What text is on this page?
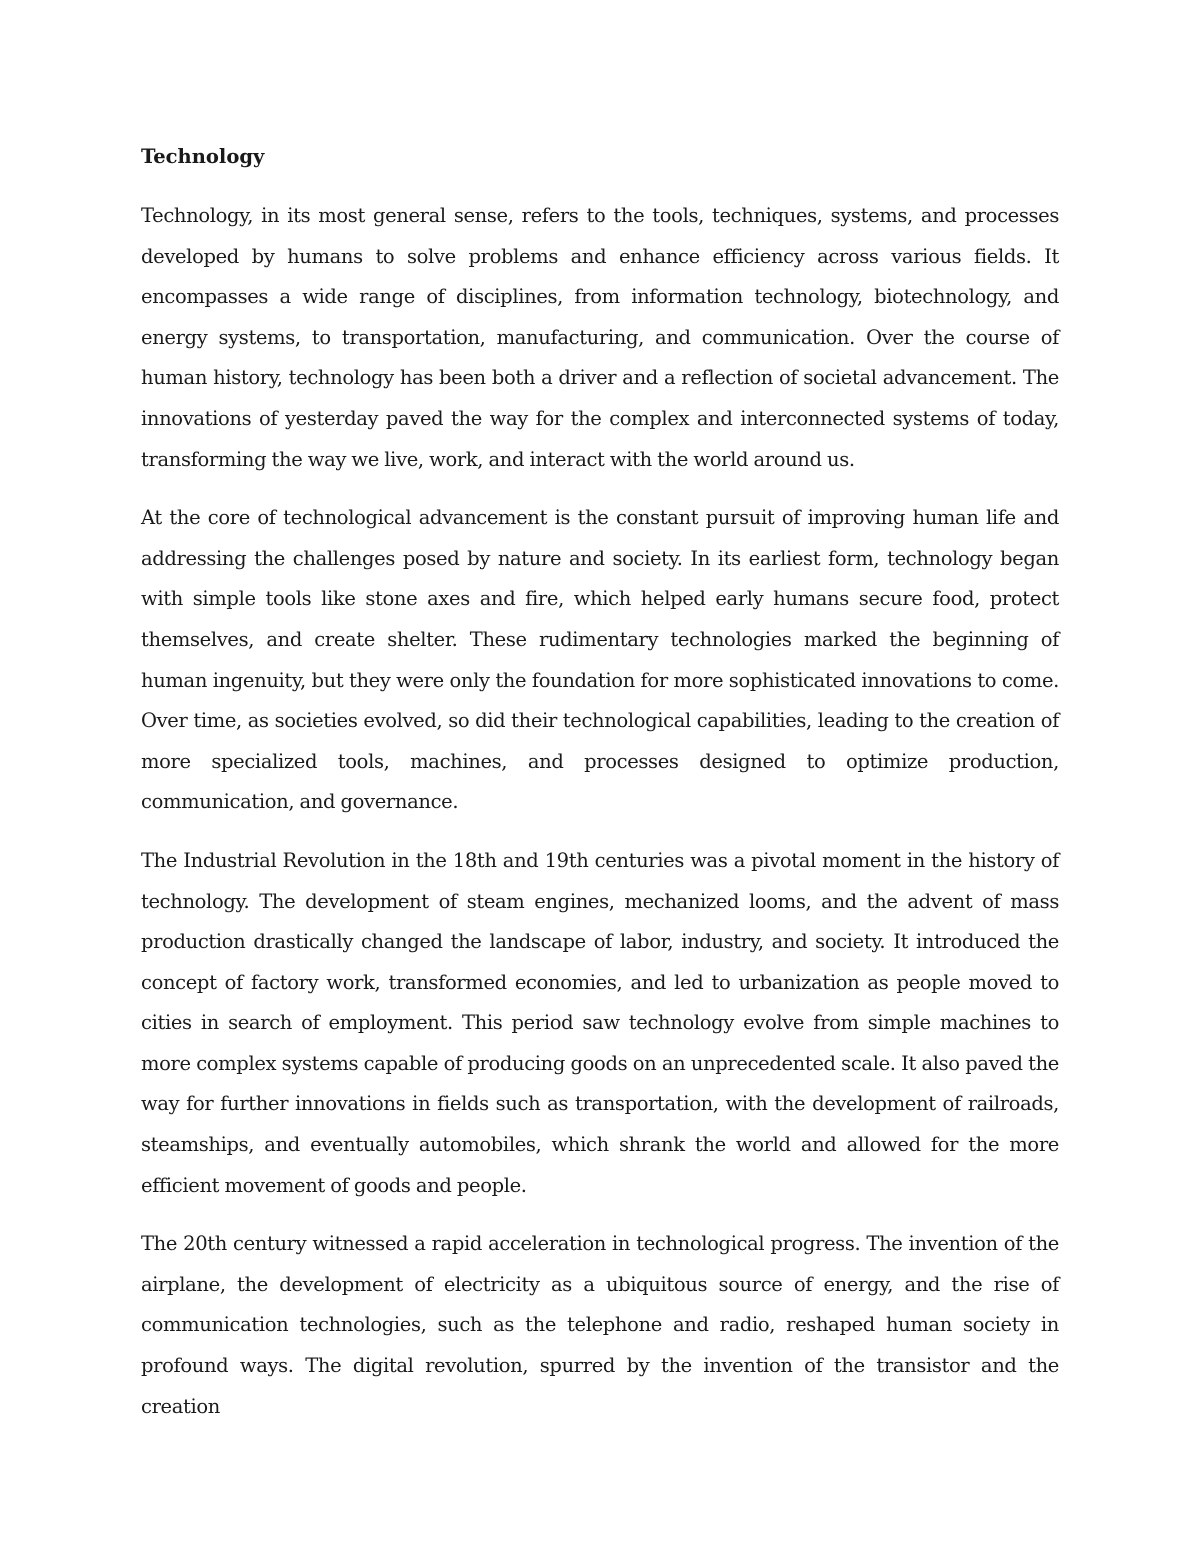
Technology

Technology, in its most general sense, refers to the tools, techniques, systems, and processes developed by humans to solve problems and enhance efficiency across various fields. It encompasses a wide range of disciplines, from information technology, biotechnology, and energy systems, to transportation, manufacturing, and communication. Over the course of human history, technology has been both a driver and a reflection of societal advancement. The innovations of yesterday paved the way for the complex and interconnected systems of today, transforming the way we live, work, and interact with the world around us.

At the core of technological advancement is the constant pursuit of improving human life and addressing the challenges posed by nature and society. In its earliest form, technology began with simple tools like stone axes and fire, which helped early humans secure food, protect themselves, and create shelter. These rudimentary technologies marked the beginning of human ingenuity, but they were only the foundation for more sophisticated innovations to come. Over time, as societies evolved, so did their technological capabilities, leading to the creation of more specialized tools, machines, and processes designed to optimize production, communication, and governance.

The Industrial Revolution in the 18th and 19th centuries was a pivotal moment in the history of technology. The development of steam engines, mechanized looms, and the advent of mass production drastically changed the landscape of labor, industry, and society. It introduced the concept of factory work, transformed economies, and led to urbanization as people moved to cities in search of employment. This period saw technology evolve from simple machines to more complex systems capable of producing goods on an unprecedented scale. It also paved the way for further innovations in fields such as transportation, with the development of railroads, steamships, and eventually automobiles, which shrank the world and allowed for the more efficient movement of goods and people.

The 20th century witnessed a rapid acceleration in technological progress. The invention of the airplane, the development of electricity as a ubiquitous source of energy, and the rise of communication technologies, such as the telephone and radio, reshaped human society in profound ways. The digital revolution, spurred by the invention of the transistor and the creation
